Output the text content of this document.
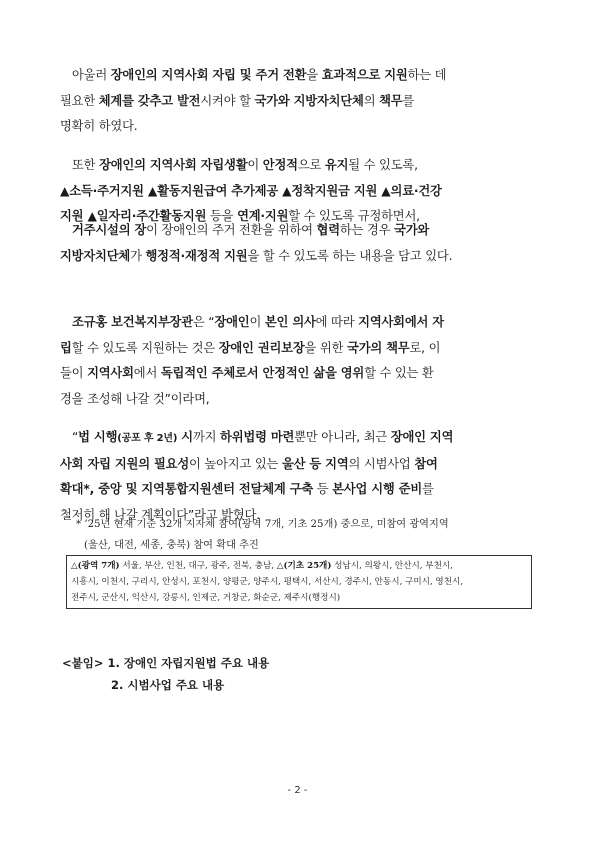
아울러 장애인의 지역사회 자립 및 주거 전환을 효과적으로 지원하는 데
필요한 체계를 갖추고 발전시켜야 할 국가와 지방자치단체의 책무를
명확히 하였다.
또한 장애인의 지역사회 자립생활이 안정적으로 유지될 수 있도록,
▲소득·주거지원 ▲활동지원급여 추가제공 ▲정착지원금 지원 ▲의료·건강
지원 ▲일자리·주간활동지원 등을 연계·지원할 수 있도록 규정하면서,
거주시설의 장이 장애인의 주거 전환을 위하여 협력하는 경우 국가와
지방자치단체가 행정적·재정적 지원을 할 수 있도록 하는 내용을 담고 있다.
조규홍 보건복지부장관은 “장애인이 본인 의사에 따라 지역사회에서 자
립할 수 있도록 지원하는 것은 장애인 권리보장을 위한 국가의 책무로, 이
들이 지역사회에서 독립적인 주체로서 안정적인 삶을 영위할 수 있는 환
경을 조성해 나갈 것”이라며,
“법 시행(공포 후 2년) 시까지 하위법령 마련뿐만 아니라, 최근 장애인 지역
사회 자립 지원의 필요성이 높아지고 있는 울산 등 지역의 시범사업 참여
확대*, 중앙 및 지역통합지원센터 전달체계 구축 등 본사업 시행 준비를
철저히 해 나갈 계획이다”라고 밝혔다.
* ’25년 현재 기준 32개 지자체 참여(광역 7개, 기초 25개) 중으로, 미참여 광역지역
(울산, 대전, 세종, 충북) 참여 확대 추진
△(광역 7개) 서울, 부산, 인천, 대구, 광주, 전북, 충남, △(기초 25개) 성남시, 의왕시, 안산시, 부천시,
시흥시, 이천시, 구리시, 안성시, 포천시, 양평군, 양주시, 평택시, 서산시, 경주시, 안동시, 구미시, 영천시,
전주시, 군산시, 익산시, 강릉시, 인제군, 거창군, 화순군, 제주시(행정시)
<붙임> 1. 장애인 자립지원법 주요 내용
2. 시범사업 주요 내용
- 2 -
